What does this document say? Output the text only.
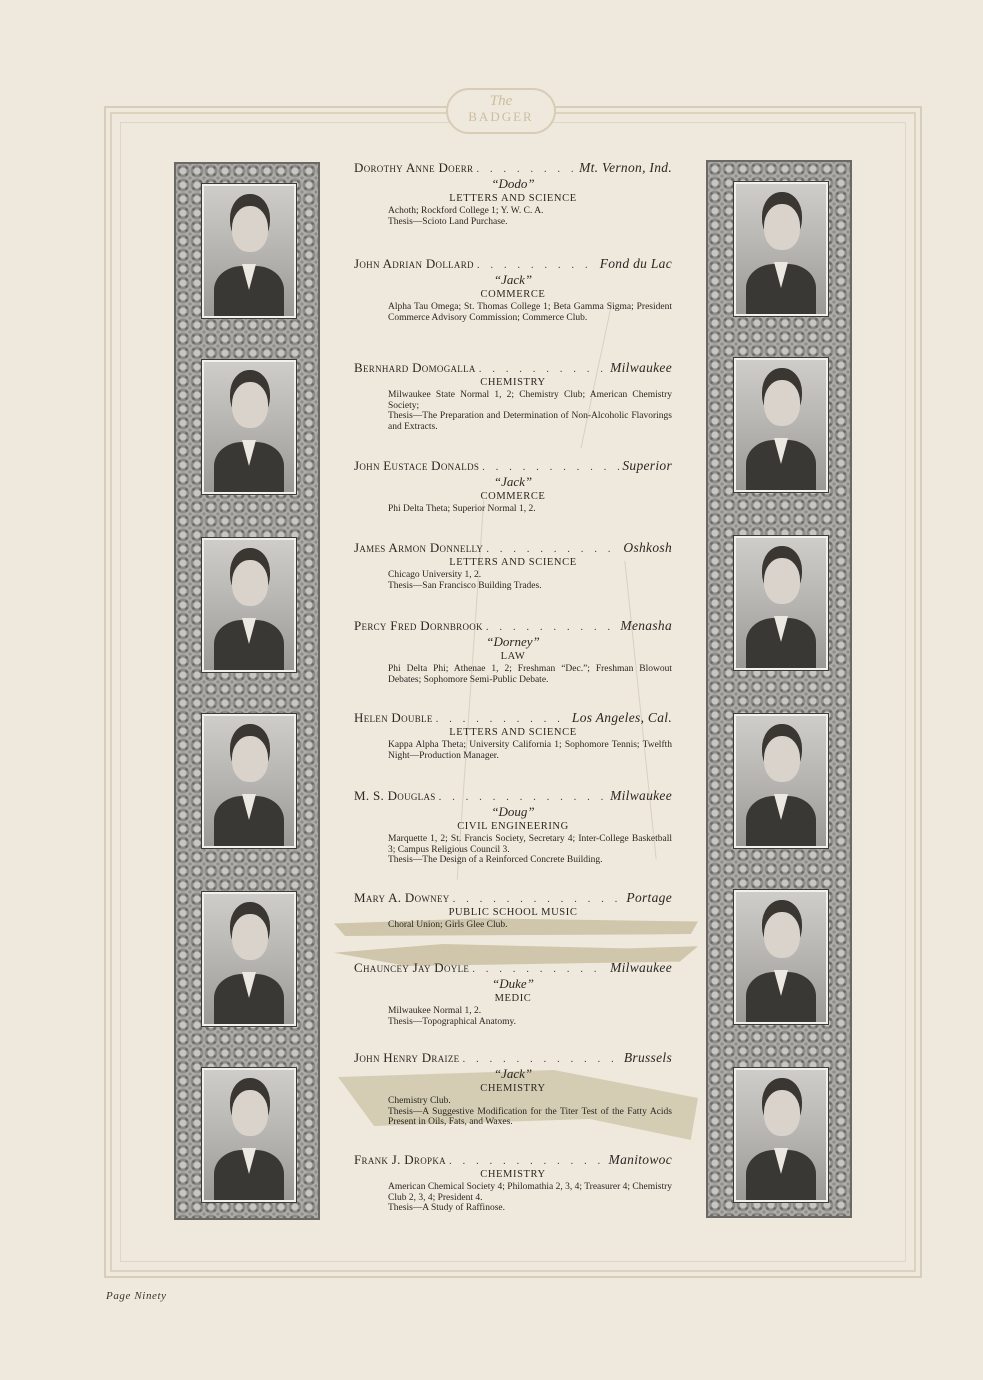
The
BADGER
Dorothy Anne Doerr . . .	Mt. Vernon, Ind.
“Dodo”
LETTERS AND SCIENCE
Achoth; Rockford College 1; Y. W. C. A.
Thesis—Scioto Land Purchase.
John Adrian Dollard . . .	Fond du Lac
“Jack”
COMMERCE
Alpha Tau Omega; St. Thomas College 1; Beta Gamma Sigma; President Commerce Advisory Commission; Commerce Club.
Bernhard Domogalla . . .	Milwaukee
CHEMISTRY
Milwaukee State Normal 1, 2; Chemistry Club; American Chemistry Society;
Thesis—The Preparation and Determination of Non-Alcoholic Flavorings and Extracts.
John Eustace Donalds . . .	Superior
“Jack”
COMMERCE
Phi Delta Theta; Superior Normal 1, 2.
James Armon Donnelly . . .	Oshkosh
LETTERS AND SCIENCE
Chicago University 1, 2.
Thesis—San Francisco Building Trades.
Percy Fred Dornbrook . . .	Menasha
“Dorney”
LAW
Phi Delta Phi; Athenae 1, 2; Freshman “Dec.”; Freshman Blowout Debates; Sophomore Semi-Public Debate.
Helen Double . . .	Los Angeles, Cal.
LETTERS AND SCIENCE
Kappa Alpha Theta; University California 1; Sophomore Tennis; Twelfth Night—Production Manager.
M. S. Douglas . . .	Milwaukee
“Doug”
CIVIL ENGINEERING
Marquette 1, 2; St. Francis Society, Secretary 4; Inter-College Basketball 3; Campus Religious Council 3.
Thesis—The Design of a Reinforced Concrete Building.
Mary A. Downey . . .	Portage
PUBLIC SCHOOL MUSIC
Choral Union; Girls Glee Club.
Chauncey Jay Doyle . . .	Milwaukee
“Duke”
MEDIC
Milwaukee Normal 1, 2.
Thesis—Topographical Anatomy.
John Henry Draize . . .	Brussels
“Jack”
CHEMISTRY
Chemistry Club.
Thesis—A Suggestive Modification for the Titer Test of the Fatty Acids Present in Oils, Fats, and Waxes.
Frank J. Dropka . . .	Manitowoc
CHEMISTRY
American Chemical Society 4; Philomathia 2, 3, 4; Treasurer 4; Chemistry Club 2, 3, 4; President 4.
Thesis—A Study of Raffinose.
Page Ninety
